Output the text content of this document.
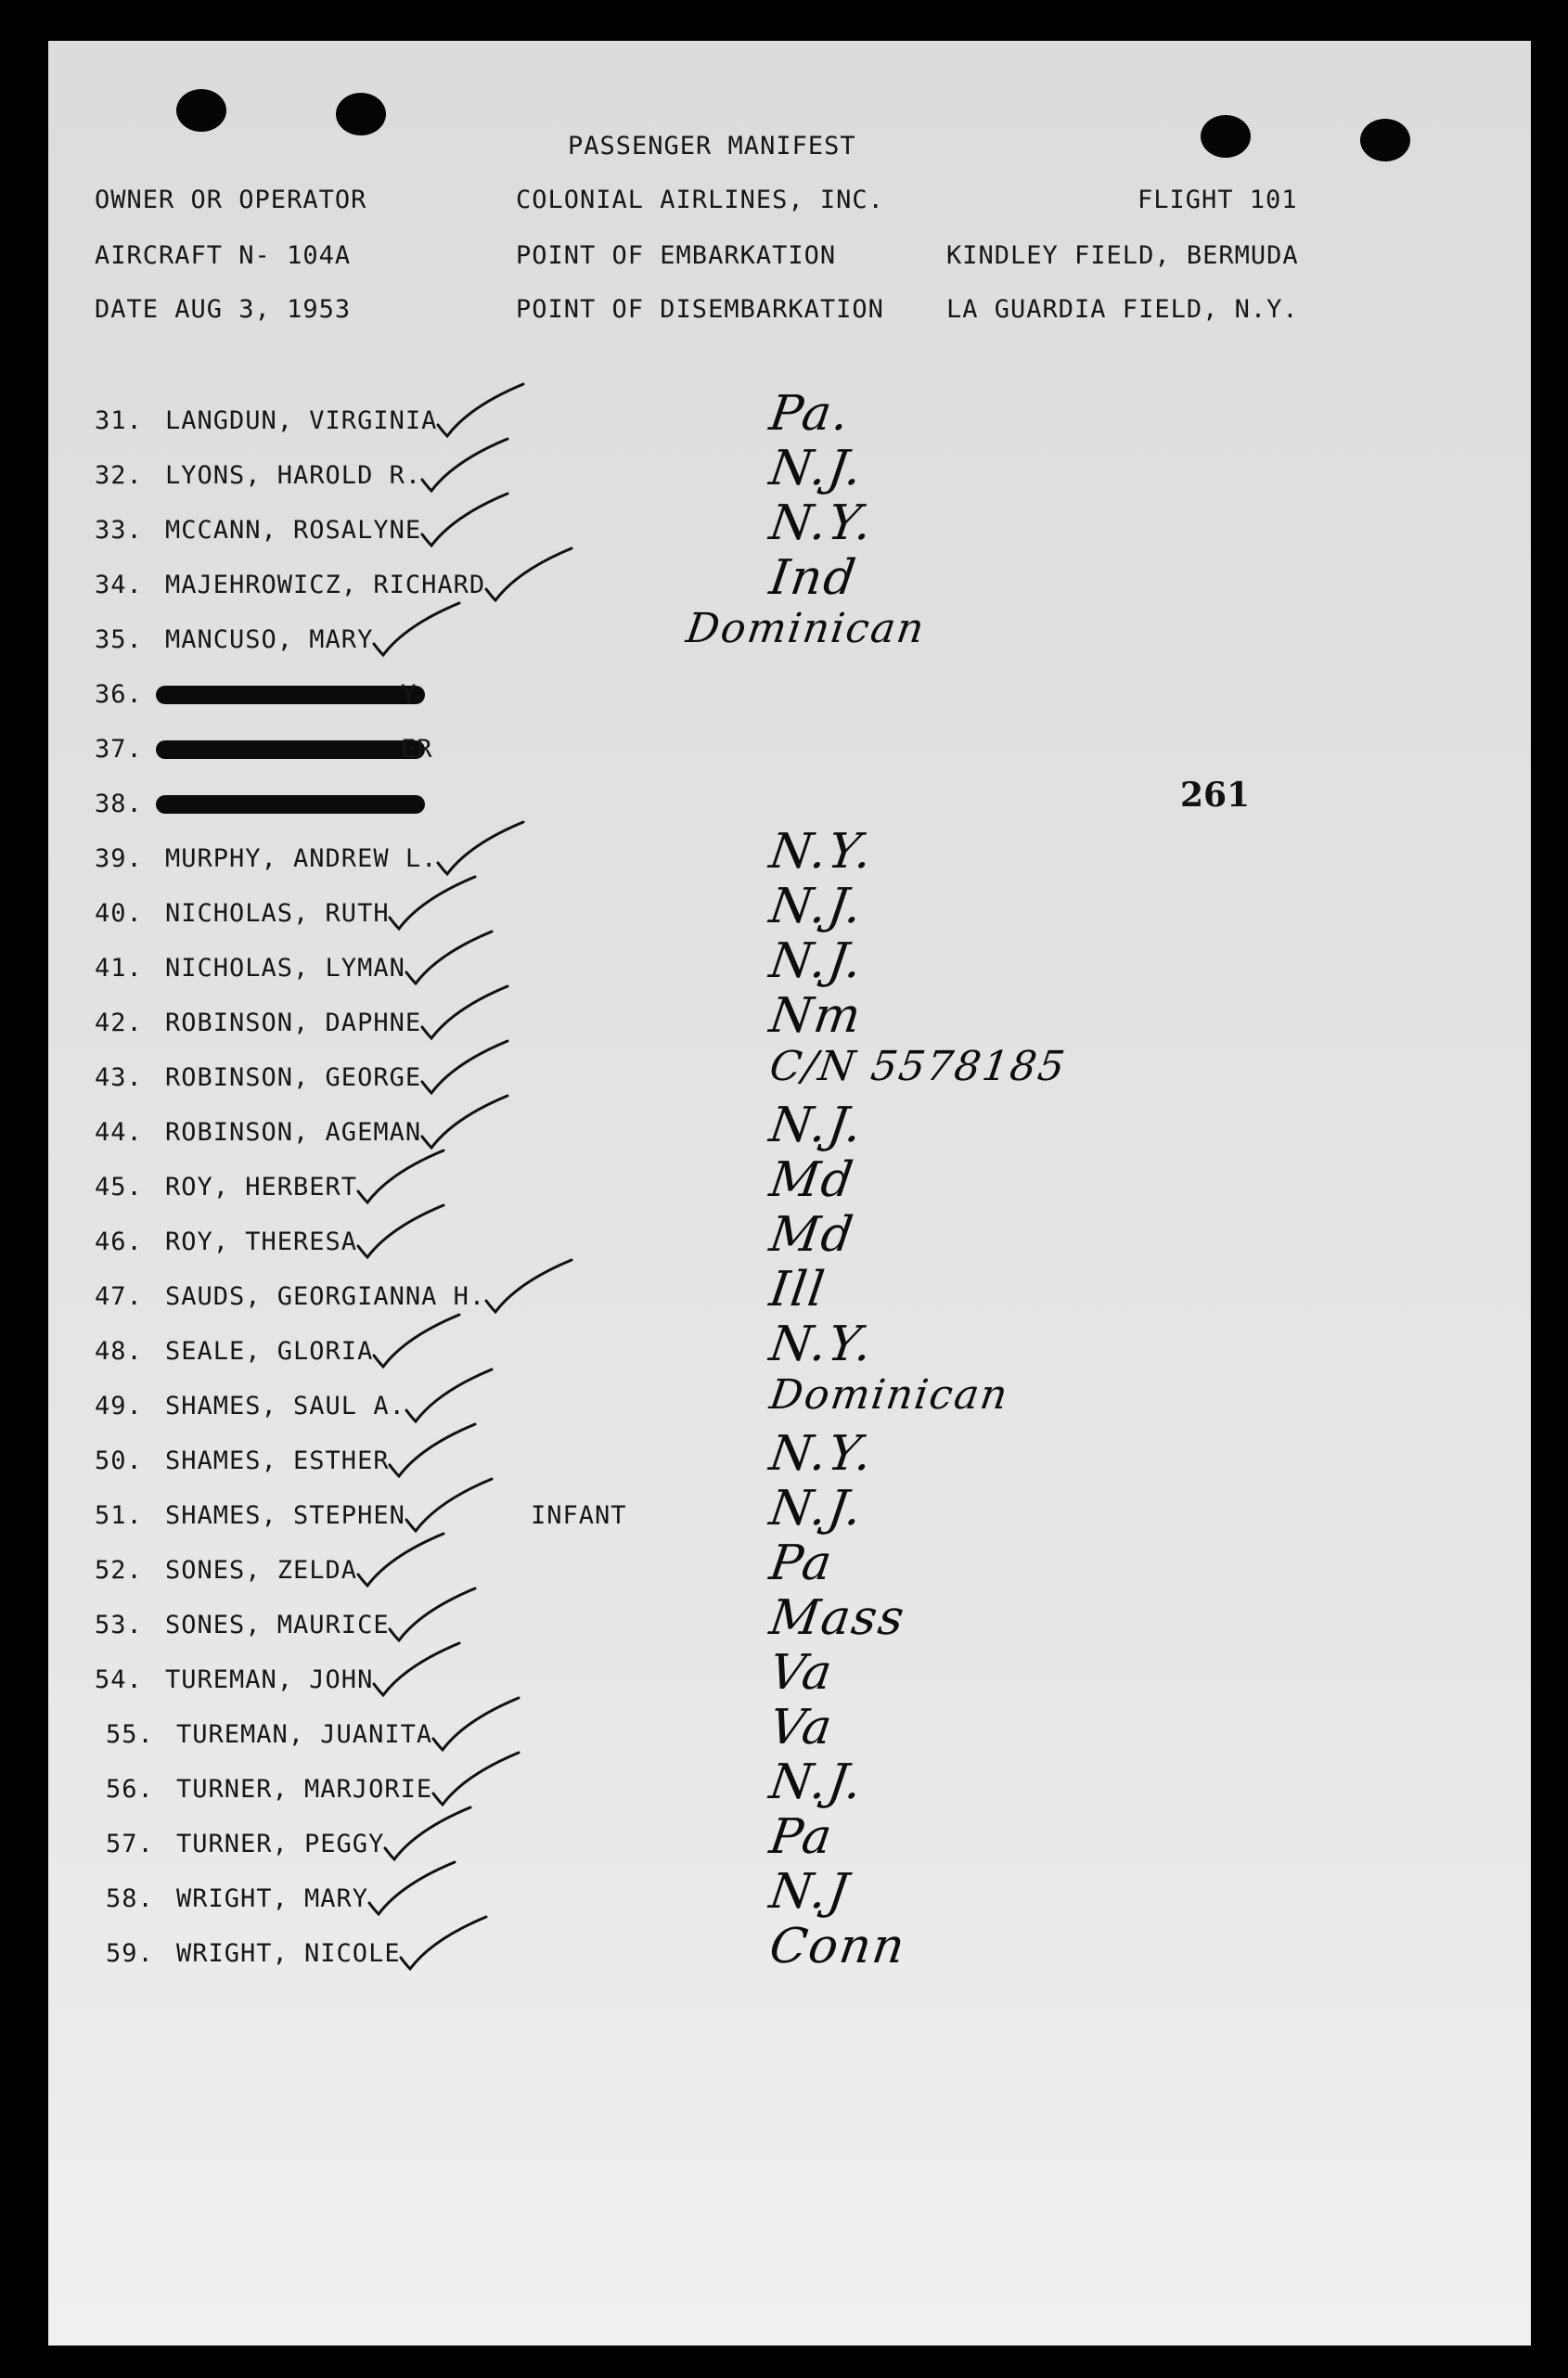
PASSENGER MANIFEST
OWNER OR OPERATOR	COLONIAL AIRLINES, INC.	FLIGHT 101
AIRCRAFT N- 104A	POINT OF EMBARKATION	KINDLEY FIELD, BERMUDA
DATE AUG 3, 1953	POINT OF DISEMBARKATION LA GUARDIA FIELD, N.Y.
261
31. LANGDUN, VIRGINIA	Pa.
32. LYONS, HAROLD R.	N.J.
33. MCCANN, ROSALYNE	N.Y.
34. MAJEHROWICZ, RICHARD	Ind
35. MANCUSO, MARY	Dominican
36.	Y
37.	ER
38.
39. MURPHY, ANDREW L.	N.Y.
40. NICHOLAS, RUTH	N.J.
41. NICHOLAS, LYMAN	N.J.
42. ROBINSON, DAPHNE	Nm
43. ROBINSON, GEORGE	C/N 5578185
44. ROBINSON, AGEMAN	N.J.
45. ROY, HERBERT	Md
46. ROY, THERESA	Md
47. SAUDS, GEORGIANNA H.	Ill
48. SEALE, GLORIA	N.Y.
49. SHAMES, SAUL A.	Dominican
50. SHAMES, ESTHER	N.Y.
51. SHAMES, STEPHEN	INFANT	N.J.
52. SONES, ZELDA	Pa
53. SONES, MAURICE	Mass
54. TUREMAN, JOHN	Va
55. TUREMAN, JUANITA	Va
56. TURNER, MARJORIE	N.J.
57. TURNER, PEGGY	Pa
58. WRIGHT, MARY	N.J
59. WRIGHT, NICOLE	Conn
